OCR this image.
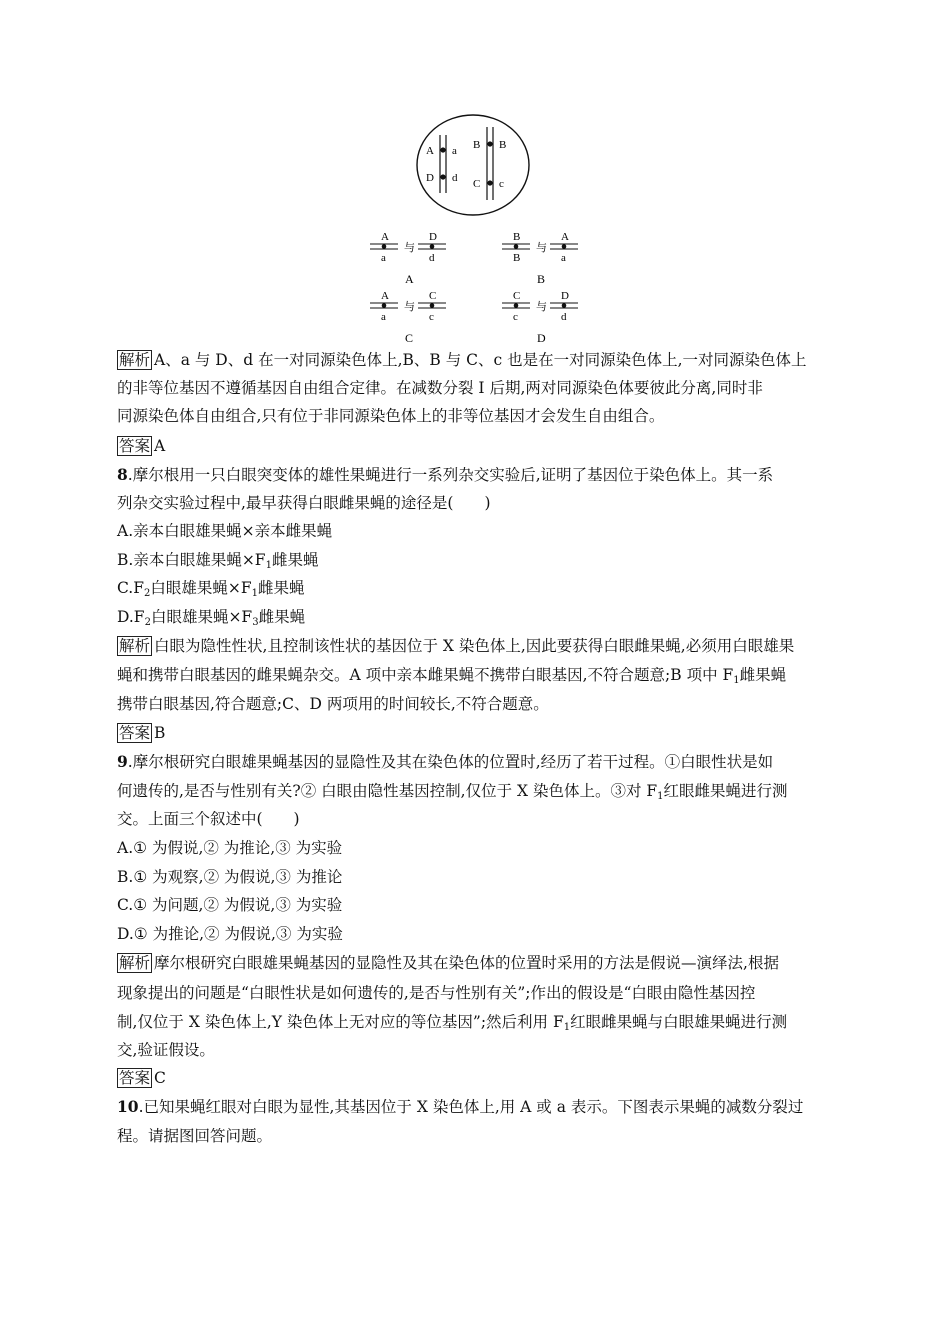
A a
D d
B B
C c
A
a
与
D
d
A
B
B
与
A
a
B
A
a
与
C
c
C
C
c
与
D
d
D
解析 A、a 与 D、d 在一对同源染色体上,B、B 与 C、c 也是在一对同源染色体上,一对同源染色体上
的非等位基因不遵循基因自由组合定律。在减数分裂 Ⅰ 后期,两对同源染色体要彼此分离,同时非
同源染色体自由组合,只有位于非同源染色体上的非等位基因才会发生自由组合。
答案 A
8.摩尔根用一只白眼突变体的雄性果蝇进行一系列杂交实验后,证明了基因位于染色体上。其一系
列杂交实验过程中,最早获得白眼雌果蝇的途径是(　　)
A.亲本白眼雄果蝇×亲本雌果蝇
B.亲本白眼雄果蝇$\times F_1$雌果蝇
$C.F_2$白眼雄果蝇$\times F_1$雌果蝇
$D.F_2$白眼雄果蝇$\times F_3$雌果蝇
解析 白眼为隐性性状,且控制该性状的基因位于 X 染色体上,因此要获得白眼雌果蝇,必须用白眼雄果
蝇和携带白眼基因的雌果蝇杂交。A 项中亲本雌果蝇不携带白眼基因,不符合题意;B 项中 $F_1$雌果蝇
携带白眼基因,符合题意;C、D 两项用的时间较长,不符合题意。
答案 B
9.摩尔根研究白眼雄果蝇基因的显隐性及其在染色体的位置时,经历了若干过程。①白眼性状是如
何遗传的,是否与性别有关?② 白眼由隐性基因控制,仅位于 X 染色体上。③对 $F_1$红眼雌果蝇进行测
交。上面三个叙述中(　　)
A.① 为假说,② 为推论,③ 为实验
B.① 为观察,② 为假说,③ 为推论
C.① 为问题,② 为假说,③ 为实验
D.① 为推论,② 为假说,③ 为实验
解析 摩尔根研究白眼雄果蝇基因的显隐性及其在染色体的位置时采用的方法是假说—演绎法,根据
现象提出的问题是“白眼性状是如何遗传的,是否与性别有关”;作出的假设是“白眼由隐性基因控
制,仅位于 X 染色体上,Y 染色体上无对应的等位基因”;然后利用 $F_1$红眼雌果蝇与白眼雄果蝇进行测
交,验证假设。
答案 C
10.已知果蝇红眼对白眼为显性,其基因位于 X 染色体上,用 A 或 a 表示。下图表示果蝇的减数分裂过
程。请据图回答问题。
